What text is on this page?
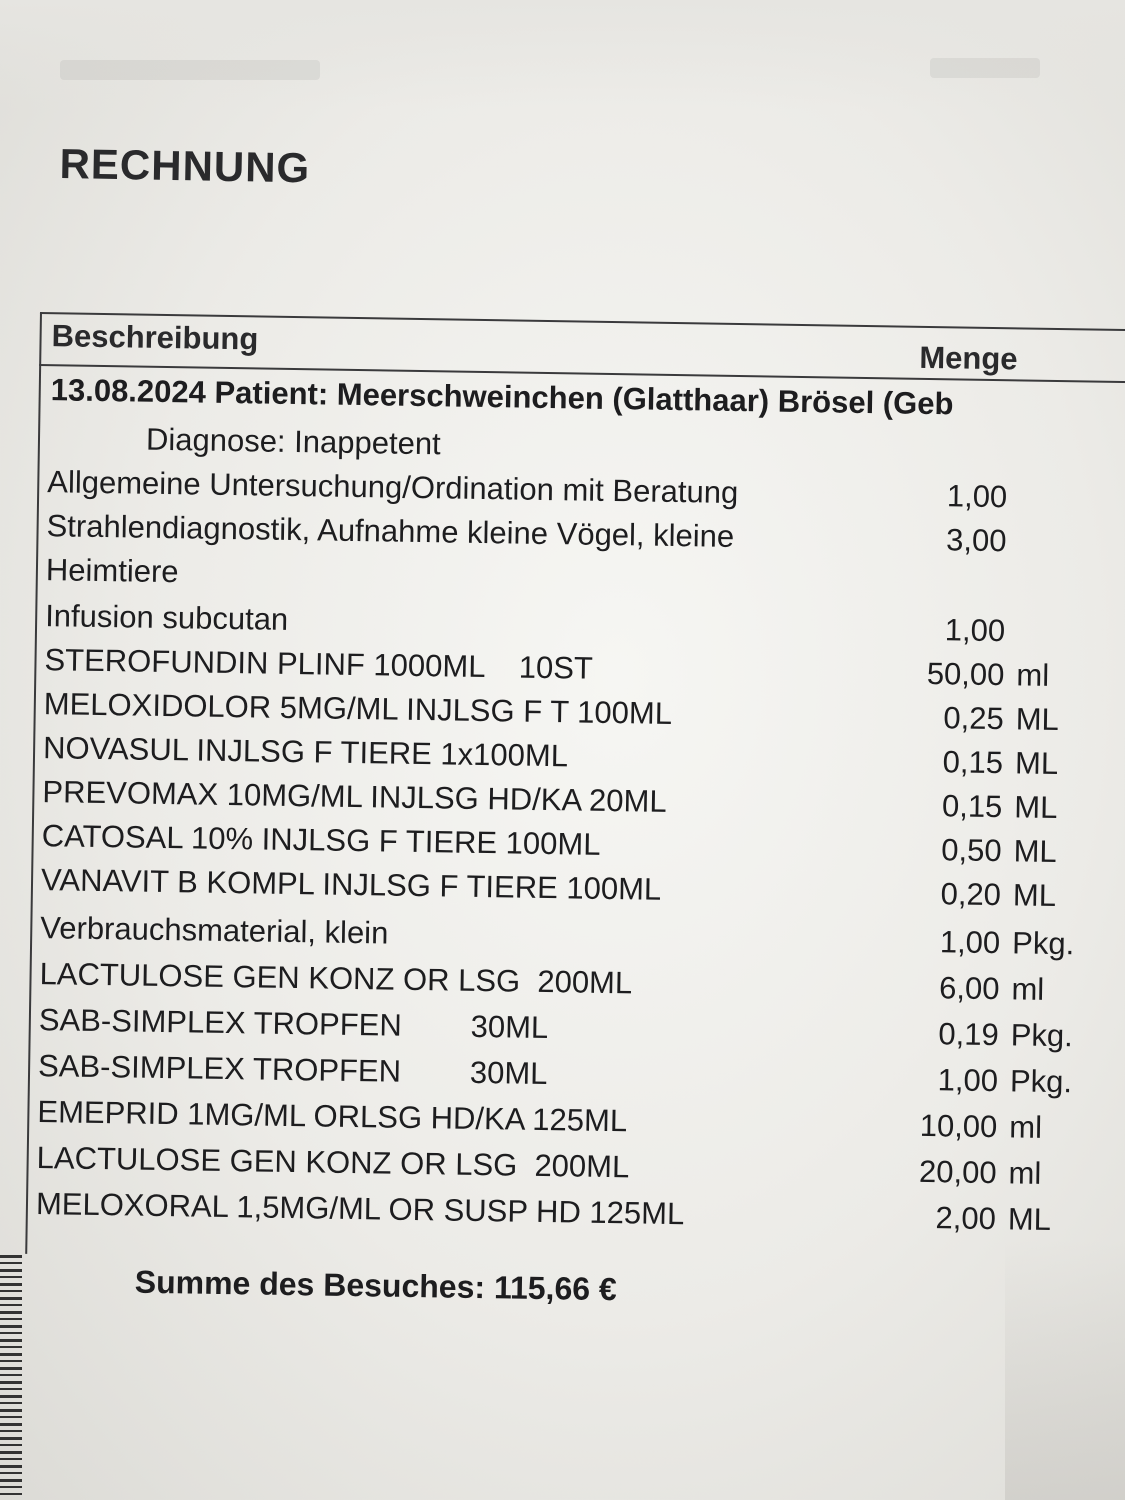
RECHNUNG
Beschreibung
Menge
13.08.2024 Patient: Meerschweinchen (Glatthaar) Brösel (Geb
Diagnose: Inappetent
Allgemeine Untersuchung/Ordination mit Beratung	1,00
Strahlendiagnostik, Aufnahme kleine Vögel, kleine	3,00
Heimtiere
Infusion subcutan	1,00
STEROFUNDIN PLINF 1000ML    10ST	50,00 ml
MELOXIDOLOR 5MG/ML INJLSG F T 100ML	0,25 ML
NOVASUL INJLSG F TIERE 1x100ML	0,15 ML
PREVOMAX 10MG/ML INJLSG HD/KA 20ML	0,15 ML
CATOSAL 10% INJLSG F TIERE 100ML	0,50 ML
VANAVIT B KOMPL INJLSG F TIERE 100ML	0,20 ML
Verbrauchsmaterial, klein	1,00 Pkg.
LACTULOSE GEN KONZ OR LSG  200ML	6,00 ml
SAB-SIMPLEX TROPFEN        30ML	0,19 Pkg.
SAB-SIMPLEX TROPFEN        30ML	1,00 Pkg.
EMEPRID 1MG/ML ORLSG HD/KA 125ML	10,00 ml
LACTULOSE GEN KONZ OR LSG  200ML	20,00 ml
MELOXORAL 1,5MG/ML OR SUSP HD 125ML	2,00 ML
Summe des Besuches: 115,66 €
